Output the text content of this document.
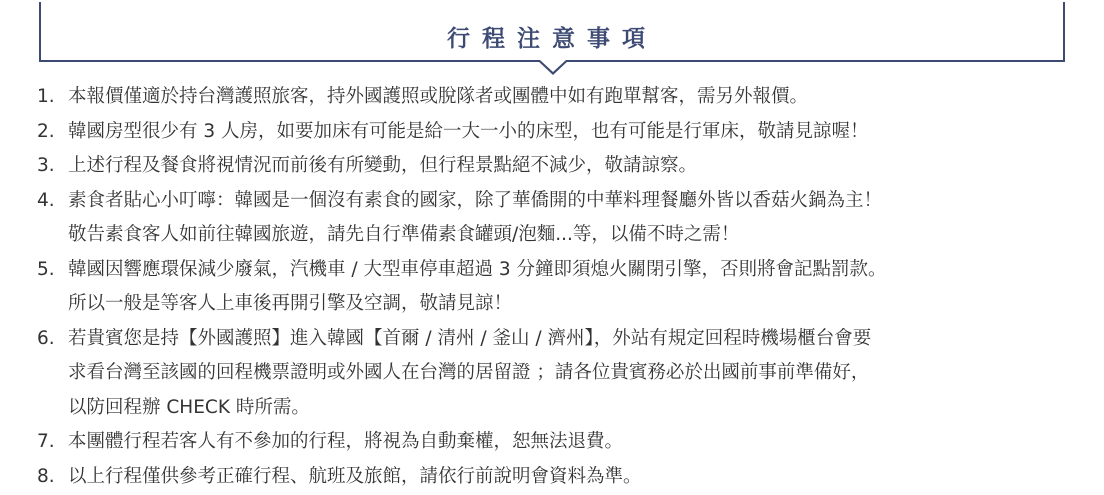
行程注意事項
1. 本報價僅適於持台灣護照旅客，持外國護照或脫隊者或團體中如有跑單幫客，需另外報價。
2. 韓國房型很少有 3 人房，如要加床有可能是給一大一小的床型，也有可能是行軍床，敬請見諒喔！
3. 上述行程及餐食將視情況而前後有所變動，但行程景點絕不減少，敬請諒察。
4. 素食者貼心小叮嚀：韓國是一個沒有素食的國家，除了華僑開的中華料理餐廳外皆以香菇火鍋為主！
敬告素食客人如前往韓國旅遊，請先自行準備素食罐頭/泡麵...等，以備不時之需！
5. 韓國因響應環保減少廢氣，汽機車 / 大型車停車超過 3 分鐘即須熄火關閉引擎，否則將會記點罰款。
所以一般是等客人上車後再開引擎及空調，敬請見諒！
6. 若貴賓您是持【外國護照】進入韓國【首爾 / 清州 / 釜山 / 濟州】，外站有規定回程時機場櫃台會要
求看台灣至該國的回程機票證明或外國人在台灣的居留證 ；請各位貴賓務必於出國前事前準備好，
以防回程辦 CHECK 時所需。
7. 本團體行程若客人有不參加的行程，將視為自動棄權，恕無法退費。
8. 以上行程僅供參考正確行程、航班及旅館，請依行前說明會資料為準。
